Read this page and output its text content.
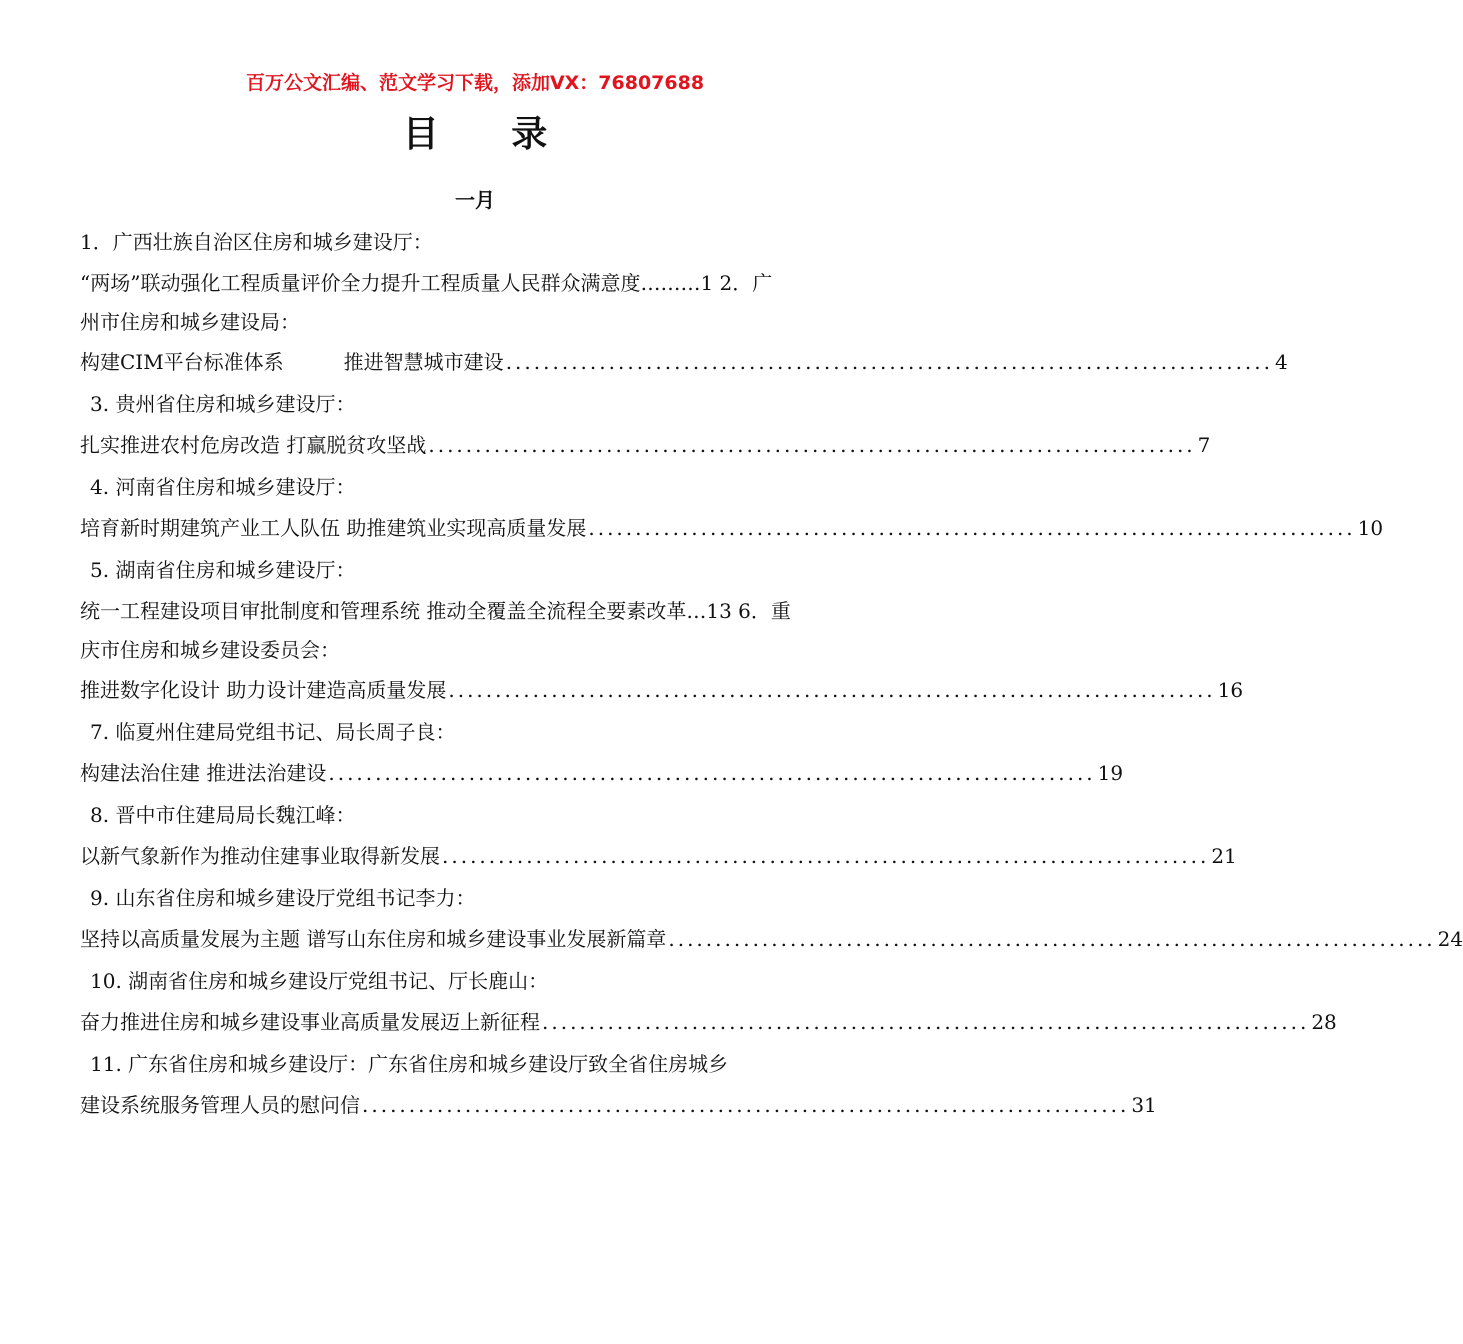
百万公文汇编、范文学习下载，添加VX：76807688
目 录
一月
1．广西壮族自治区住房和城乡建设厅：
“两场”联动强化工程质量评价全力提升工程质量人民群众满意度………1 2．广
州市住房和城乡建设局：
构建CIM平台标准体系　　　推进智慧城市建设 .................................................................................. 4
3. 贵州省住房和城乡建设厅：
扎实推进农村危房改造 打赢脱贫攻坚战 .................................................................................. 7
4. 河南省住房和城乡建设厅：
培育新时期建筑产业工人队伍 助推建筑业实现高质量发展 .................................................................................. 10
5. 湖南省住房和城乡建设厅：
统一工程建设项目审批制度和管理系统 推动全覆盖全流程全要素改革…13 6．重
庆市住房和城乡建设委员会：
推进数字化设计 助力设计建造高质量发展 .................................................................................. 16
7. 临夏州住建局党组书记、局长周子良：
构建法治住建 推进法治建设 .................................................................................. 19
8. 晋中市住建局局长魏江峰：
以新气象新作为推动住建事业取得新发展 .................................................................................. 21
9. 山东省住房和城乡建设厅党组书记李力：
坚持以高质量发展为主题 谱写山东住房和城乡建设事业发展新篇章 .................................................................................. 24
10. 湖南省住房和城乡建设厅党组书记、厅长鹿山：
奋力推进住房和城乡建设事业高质量发展迈上新征程 .................................................................................. 28
11. 广东省住房和城乡建设厅：广东省住房和城乡建设厅致全省住房城乡
建设系统服务管理人员的慰问信 .................................................................................. 31
